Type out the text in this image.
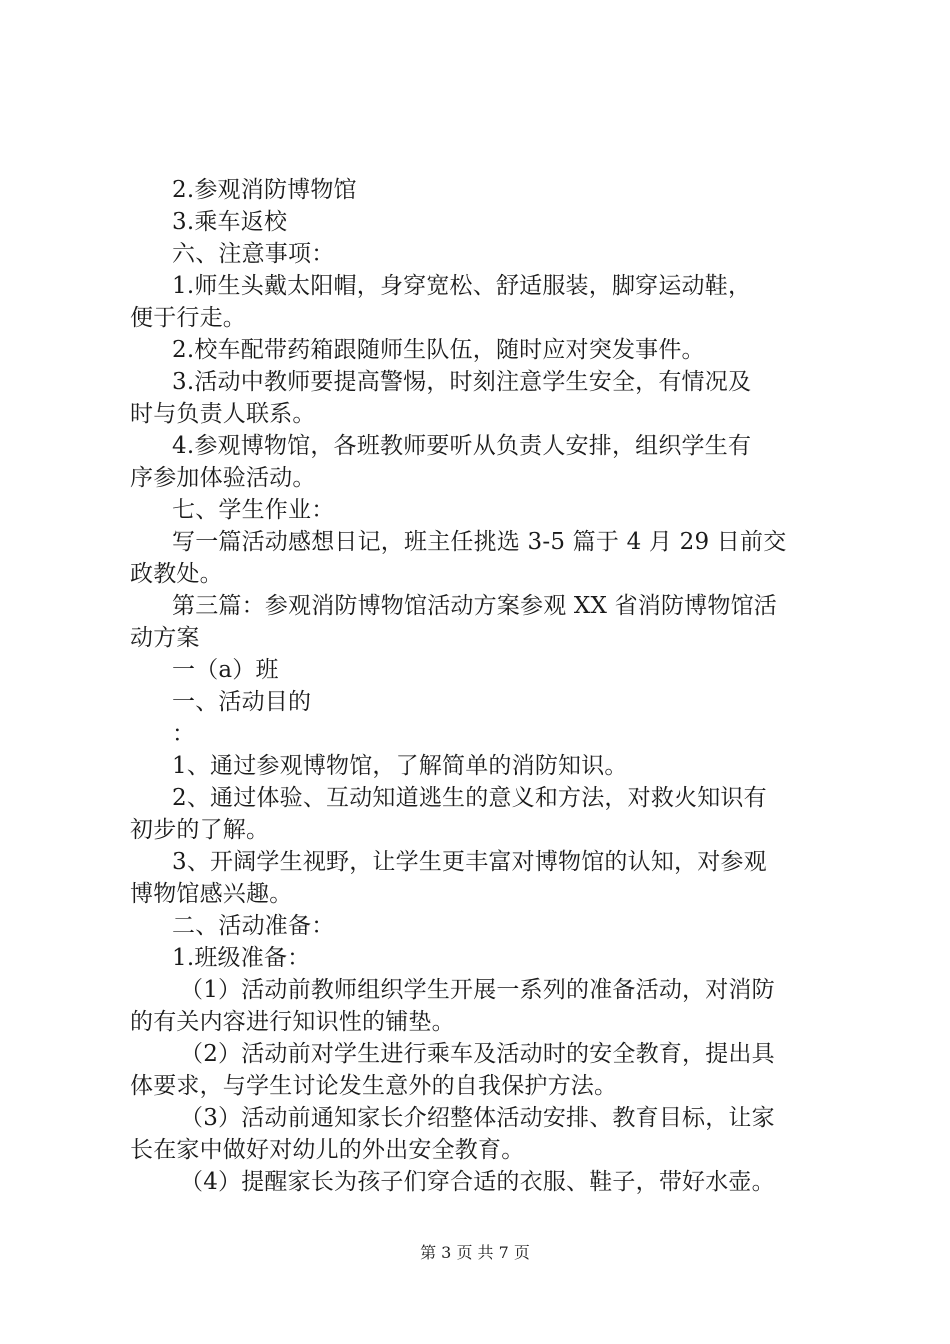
2.参观消防博物馆
3.乘车返校
六、注意事项：
1.师生头戴太阳帽，身穿宽松、舒适服装，脚穿运动鞋，
便于行走。
2.校车配带药箱跟随师生队伍，随时应对突发事件。
3.活动中教师要提高警惕，时刻注意学生安全，有情况及
时与负责人联系。
4.参观博物馆，各班教师要听从负责人安排，组织学生有
序参加体验活动。
七、学生作业：
写一篇活动感想日记，班主任挑选 3-5 篇于 4 月 29 日前交
政教处。
第三篇：参观消防博物馆活动方案参观 XX 省消防博物馆活
动方案
一（a）班
一、活动目的
：
1、通过参观博物馆，了解简单的消防知识。
2、通过体验、互动知道逃生的意义和方法，对救火知识有
初步的了解。
3、开阔学生视野，让学生更丰富对博物馆的认知，对参观
博物馆感兴趣。
二、活动准备：
1.班级准备：
（1）活动前教师组织学生开展一系列的准备活动，对消防
的有关内容进行知识性的铺垫。
（2）活动前对学生进行乘车及活动时的安全教育，提出具
体要求，与学生讨论发生意外的自我保护方法。
（3）活动前通知家长介绍整体活动安排、教育目标，让家
长在家中做好对幼儿的外出安全教育。
（4）提醒家长为孩子们穿合适的衣服、鞋子，带好水壶。
第 3 页 共 7 页
